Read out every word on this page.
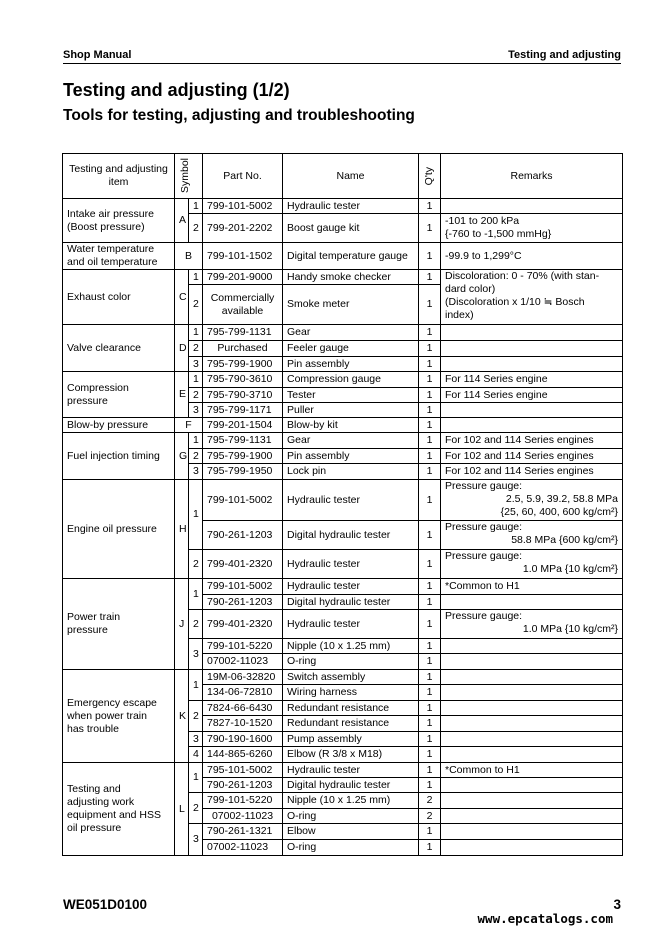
Shop Manual	Testing and adjusting
Testing and adjusting (1/2)
Tools for testing, adjusting and troubleshooting
Testing and adjusting item	Symbol		Part No.	Name	Q'ty	Remarks
Intake air pressure
(Boost pressure)	A	1	799-101-5002	Hydraulic tester	1	
		2	799-201-2202	Boost gauge kit	1	-101 to 200 kPa
{-760 to -1,500 mmHg}
Water temperature
and oil temperature	B		799-101-1502	Digital temperature gauge	1	-99.9 to 1,299°C
Exhaust color	C	1	799-201-9000	Handy smoke checker	1	Discoloration: 0 - 70% (with stan-
dard color)
(Discoloration x 1/10 ≒ Bosch
index)
		2	Commercially
available	Smoke meter	1	
Valve clearance	D	1	795-799-1131	Gear	1	
		2	Purchased	Feeler gauge	1	
		3	795-799-1900	Pin assembly	1	
Compression
pressure	E	1	795-790-3610	Compression gauge	1	For 114 Series engine
		2	795-790-3710	Tester	1	For 114 Series engine
		3	795-799-1171	Puller	1	
Blow-by pressure	F		799-201-1504	Blow-by kit	1	
Fuel injection timing	G	1	795-799-1131	Gear	1	For 102 and 114 Series engines
		2	795-799-1900	Pin assembly	1	For 102 and 114 Series engines
		3	795-799-1950	Lock pin	1	For 102 and 114 Series engines
Engine oil pressure	H	1	799-101-5002	Hydraulic tester	1	Pressure gauge:
2.5, 5.9, 39.2, 58.8 MPa
{25, 60, 400, 600 kg/cm²}

			790-261-1203	Digital hydraulic tester	1	Pressure gauge:
58.8 MPa {600 kg/cm²}

		2	799-401-2320	Hydraulic tester	1	Pressure gauge:
1.0 MPa {10 kg/cm²}

Power train
pressure	J	1	799-101-5002	Hydraulic tester	1	*Common to H1
			790-261-1203	Digital hydraulic tester	1	
		2	799-401-2320	Hydraulic tester	1	Pressure gauge:
1.0 MPa {10 kg/cm²}

		3	799-101-5220	Nipple (10 x 1.25 mm)	1	
			07002-11023	O-ring	1	
Emergency escape
when power train
has trouble	K	1	19M-06-32820	Switch assembly	1	
			134-06-72810	Wiring harness	1	
		2	7824-66-6430	Redundant resistance	1	
			7827-10-1520	Redundant resistance	1	
		3	790-190-1600	Pump assembly	1	
		4	144-865-6260	Elbow (R 3/8 x M18)	1	
Testing and
adjusting work
equipment and HSS
oil pressure	L	1	795-101-5002	Hydraulic tester	1	*Common to H1
			790-261-1203	Digital hydraulic tester	1	
		2	799-101-5220	Nipple (10 x 1.25 mm)	2	
			07002-11023	O-ring	2	
		3	790-261-1321	Elbow	1	
			07002-11023	O-ring	1	
WE051D0100	3
www.epcatalogs.com
